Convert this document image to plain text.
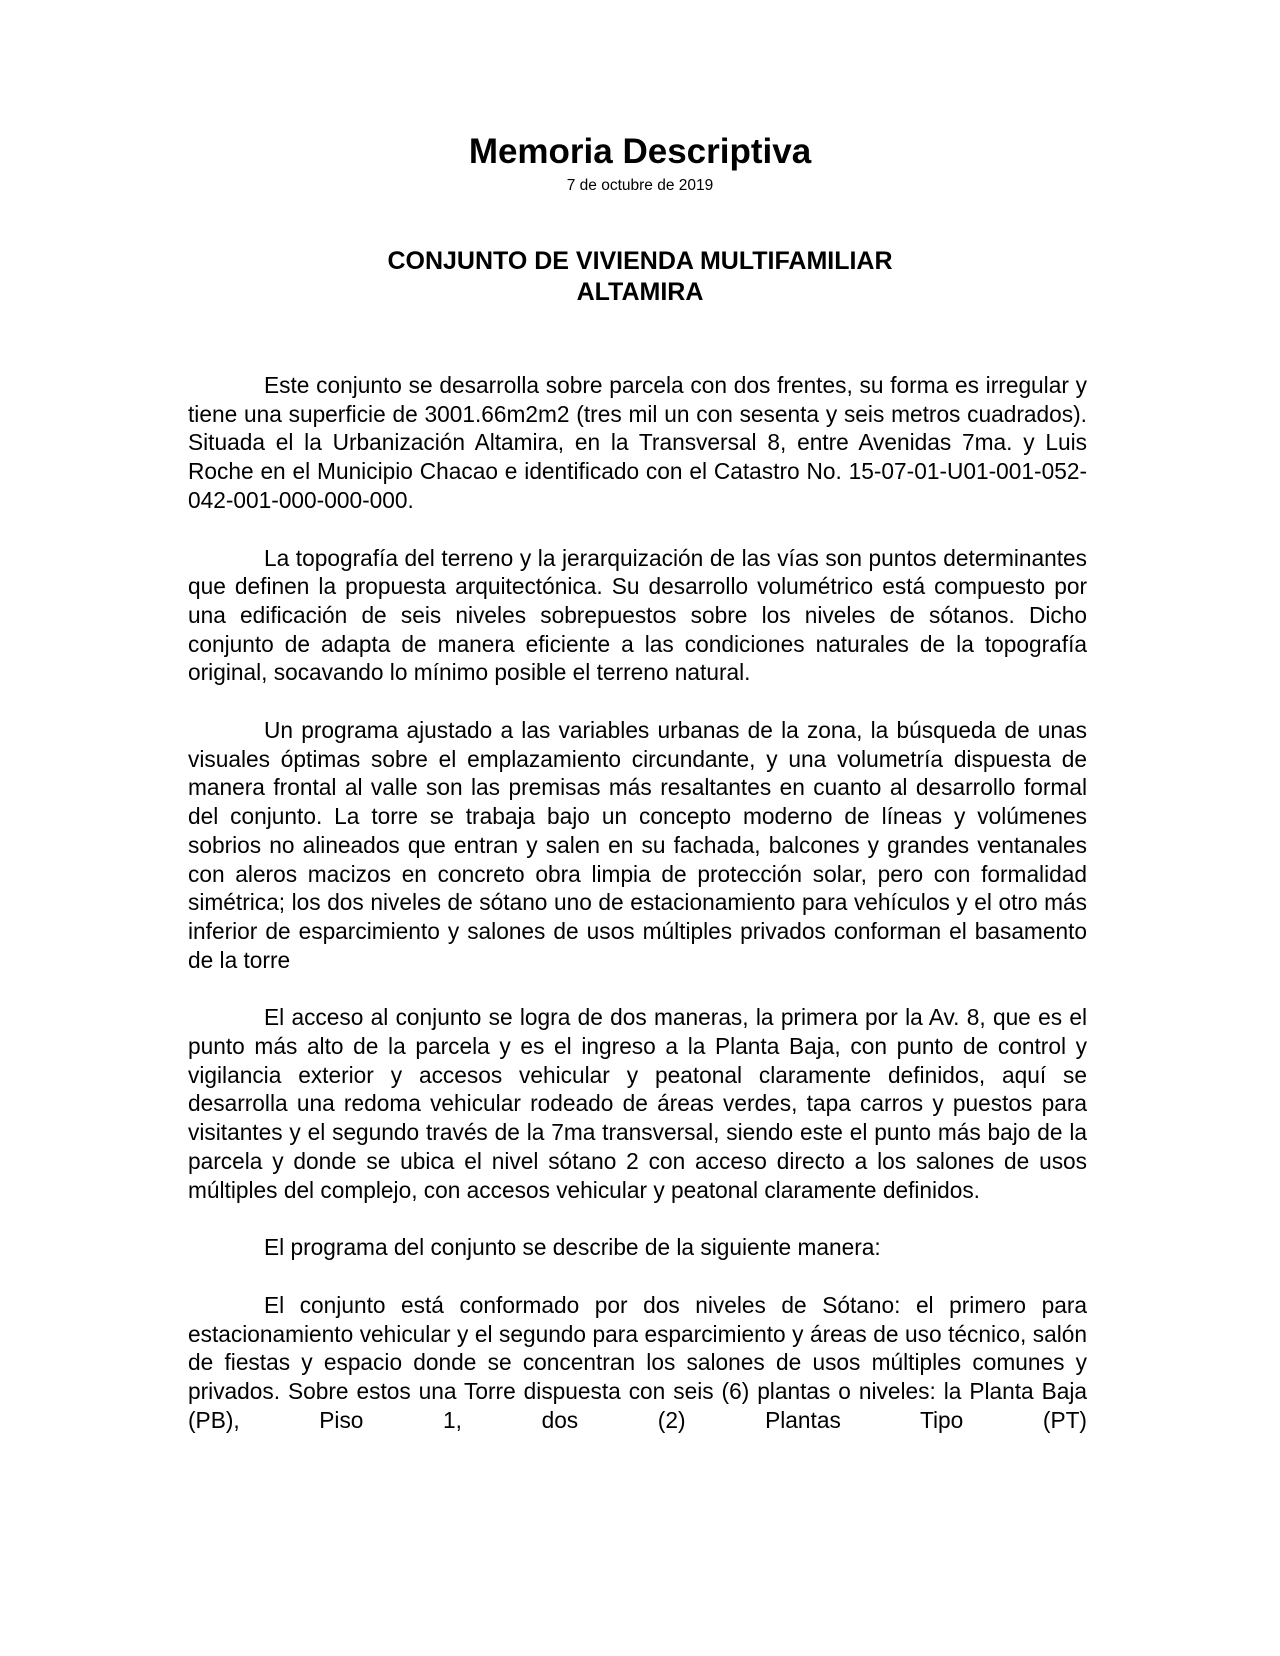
Memoria Descriptiva
7 de octubre de 2019
CONJUNTO DE VIVIENDA MULTIFAMILIAR
ALTAMIRA

Este conjunto se desarrolla sobre parcela con dos frentes, su forma es irregular y tiene una superficie de 3001.66m2m2 (tres mil un con sesenta y seis metros cuadrados). Situada el la Urbanización Altamira, en la Transversal 8, entre Avenidas 7ma. y Luis Roche en el Municipio Chacao e identificado con el Catastro No. 15-07-01-U01-001-052-042-001-000-000-000.

La topografía del terreno y la jerarquización de las vías son puntos determinantes que definen la propuesta arquitectónica. Su desarrollo volumétrico está compuesto por una edificación de seis niveles sobrepuestos sobre los niveles de sótanos. Dicho conjunto de adapta de manera eficiente a las condiciones naturales de la topografía original, socavando lo mínimo posible el terreno natural.

Un programa ajustado a las variables urbanas de la zona, la búsqueda de unas visuales óptimas sobre el emplazamiento circundante, y una volumetría dispuesta de manera frontal al valle son las premisas más resaltantes en cuanto al desarrollo formal del conjunto. La torre se trabaja bajo un concepto moderno de líneas y volúmenes sobrios no alineados que entran y salen en su fachada, balcones y grandes ventanales con aleros macizos en concreto obra limpia de protección solar, pero con formalidad simétrica; los dos niveles de sótano uno de estacionamiento para vehículos y el otro más inferior de esparcimiento y salones de usos múltiples privados conforman el basamento de la torre

El acceso al conjunto se logra de dos maneras, la primera por la Av. 8, que es el punto más alto de la parcela y es el ingreso a la Planta Baja, con punto de control y vigilancia exterior y accesos vehicular y peatonal claramente definidos, aquí se desarrolla una redoma vehicular rodeado de áreas verdes, tapa carros y puestos para visitantes y el segundo través de la 7ma transversal, siendo este el punto más bajo de la parcela y donde se ubica el nivel sótano 2 con acceso directo a los salones de usos múltiples del complejo, con accesos vehicular y peatonal claramente definidos.

El programa del conjunto se describe de la siguiente manera:

El conjunto está conformado por dos niveles de Sótano: el primero para estacionamiento vehicular y el segundo para esparcimiento y áreas de uso técnico, salón de fiestas y espacio donde se concentran los salones de usos múltiples comunes y privados. Sobre estos una Torre dispuesta con seis (6) plantas o niveles: la Planta Baja (PB), Piso 1, dos (2) Plantas Tipo (PT)
